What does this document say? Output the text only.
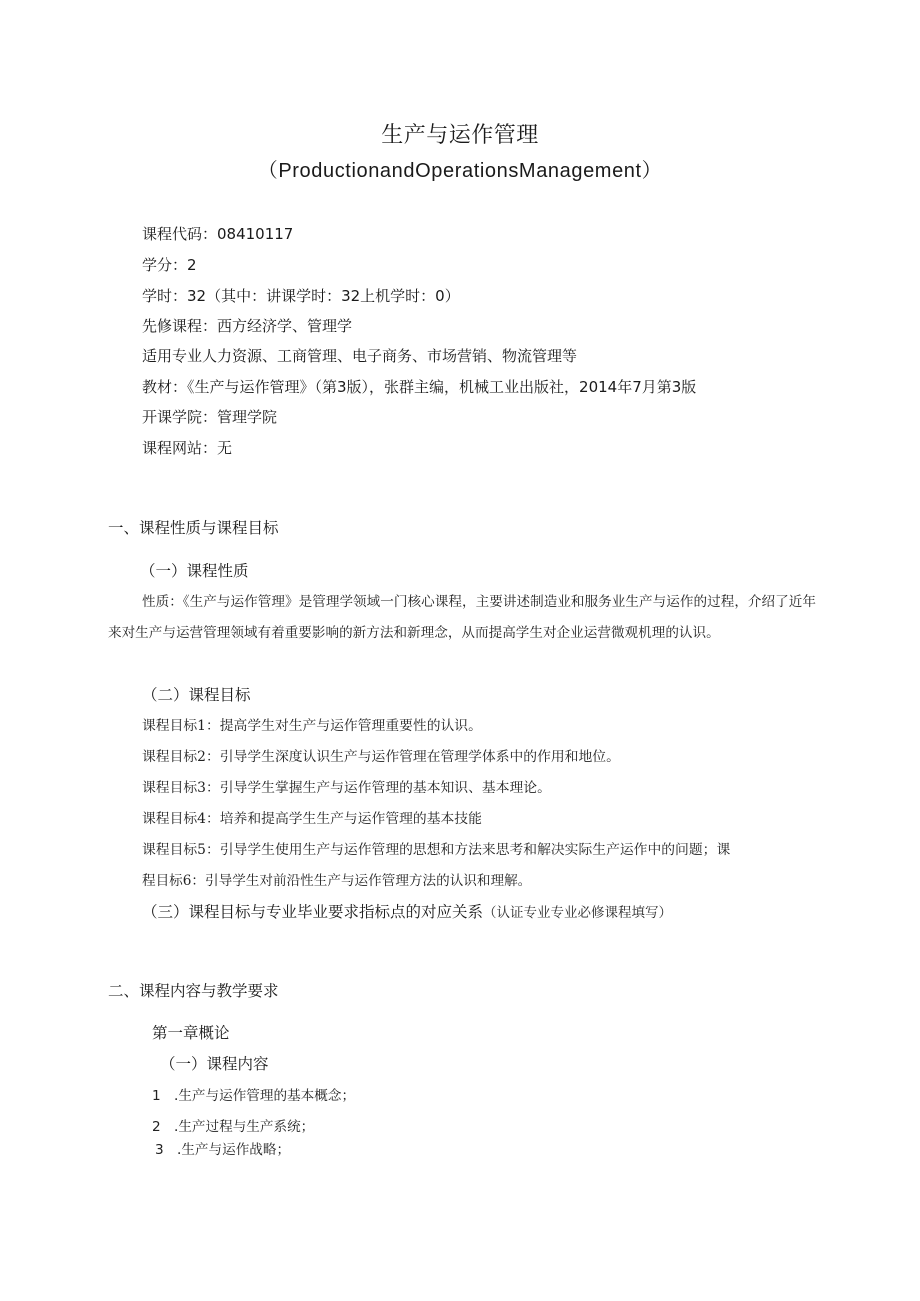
生产与运作管理
（ProductionandOperationsManagement）
课程代码：08410117
学分：2
学时：32（其中：讲课学时：32上机学时：0）
先修课程：西方经济学、管理学
适用专业人力资源、工商管理、电子商务、市场营销、物流管理等
教材：《生产与运作管理》（第3版），张群主编，机械工业出版社，2014年7月第3版
开课学院：管理学院
课程网站：无
一、课程性质与课程目标
（一）课程性质
性质：《生产与运作管理》是管理学领域一门核心课程，主要讲述制造业和服务业生产与运作的过程，介绍了近年来对生产与运营管理领域有着重要影响的新方法和新理念，从而提高学生对企业运营微观机理的认识。
（二）课程目标
课程目标1：提高学生对生产与运作管理重要性的认识。
课程目标2：引导学生深度认识生产与运作管理在管理学体系中的作用和地位。
课程目标3：引导学生掌握生产与运作管理的基本知识、基本理论。
课程目标4：培养和提高学生生产与运作管理的基本技能
课程目标5：引导学生使用生产与运作管理的思想和方法来思考和解决实际生产运作中的问题；课
程目标6：引导学生对前沿性生产与运作管理方法的认识和理解。
（三）课程目标与专业毕业要求指标点的对应关系（认证专业专业必修课程填写）
二、课程内容与教学要求
第一章概论
（一）课程内容
1 .生产与运作管理的基本概念；
2 .生产过程与生产系统；
3 .生产与运作战略；
